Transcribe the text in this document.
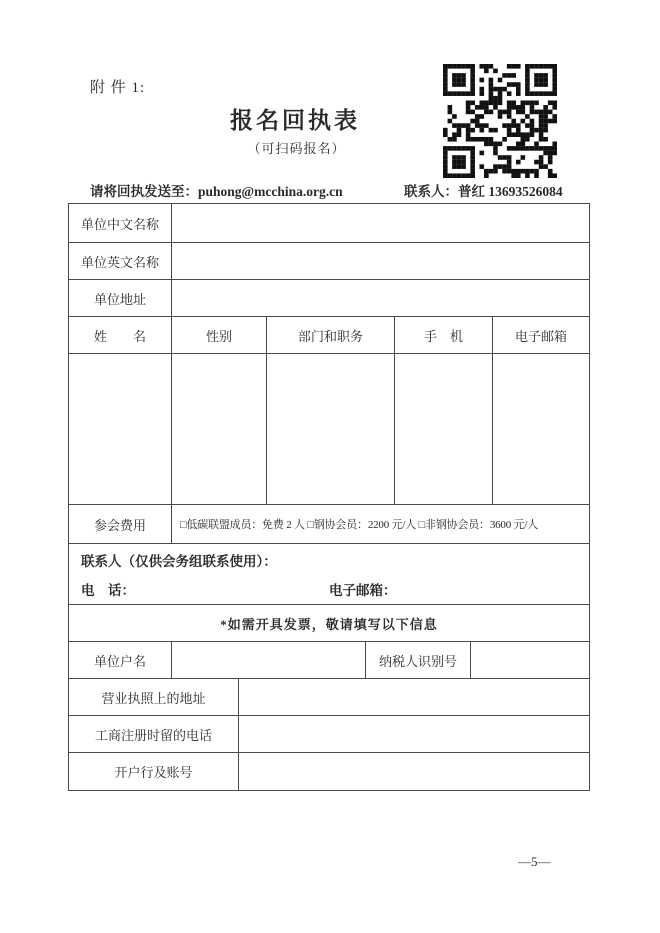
附 件 1:
报名回执表
（可扫码报名）
请将回执发送至：puhong@mcchina.org.cn	联系人：普红 13693526084
单位中文名称
单位英文名称
单位地址
姓　　名	性别	部门和职务	手　机	电子邮箱
参会费用	□低碳联盟成员：免费 2 人 □钢协会员：2200 元/人 □非钢协会员：3600 元/人
联系人（仅供会务组联系使用）：
电　话：	电子邮箱：
*如需开具发票，敬请填写以下信息
单位户名	纳税人识别号
营业执照上的地址
工商注册时留的电话
开户行及账号
—5—
